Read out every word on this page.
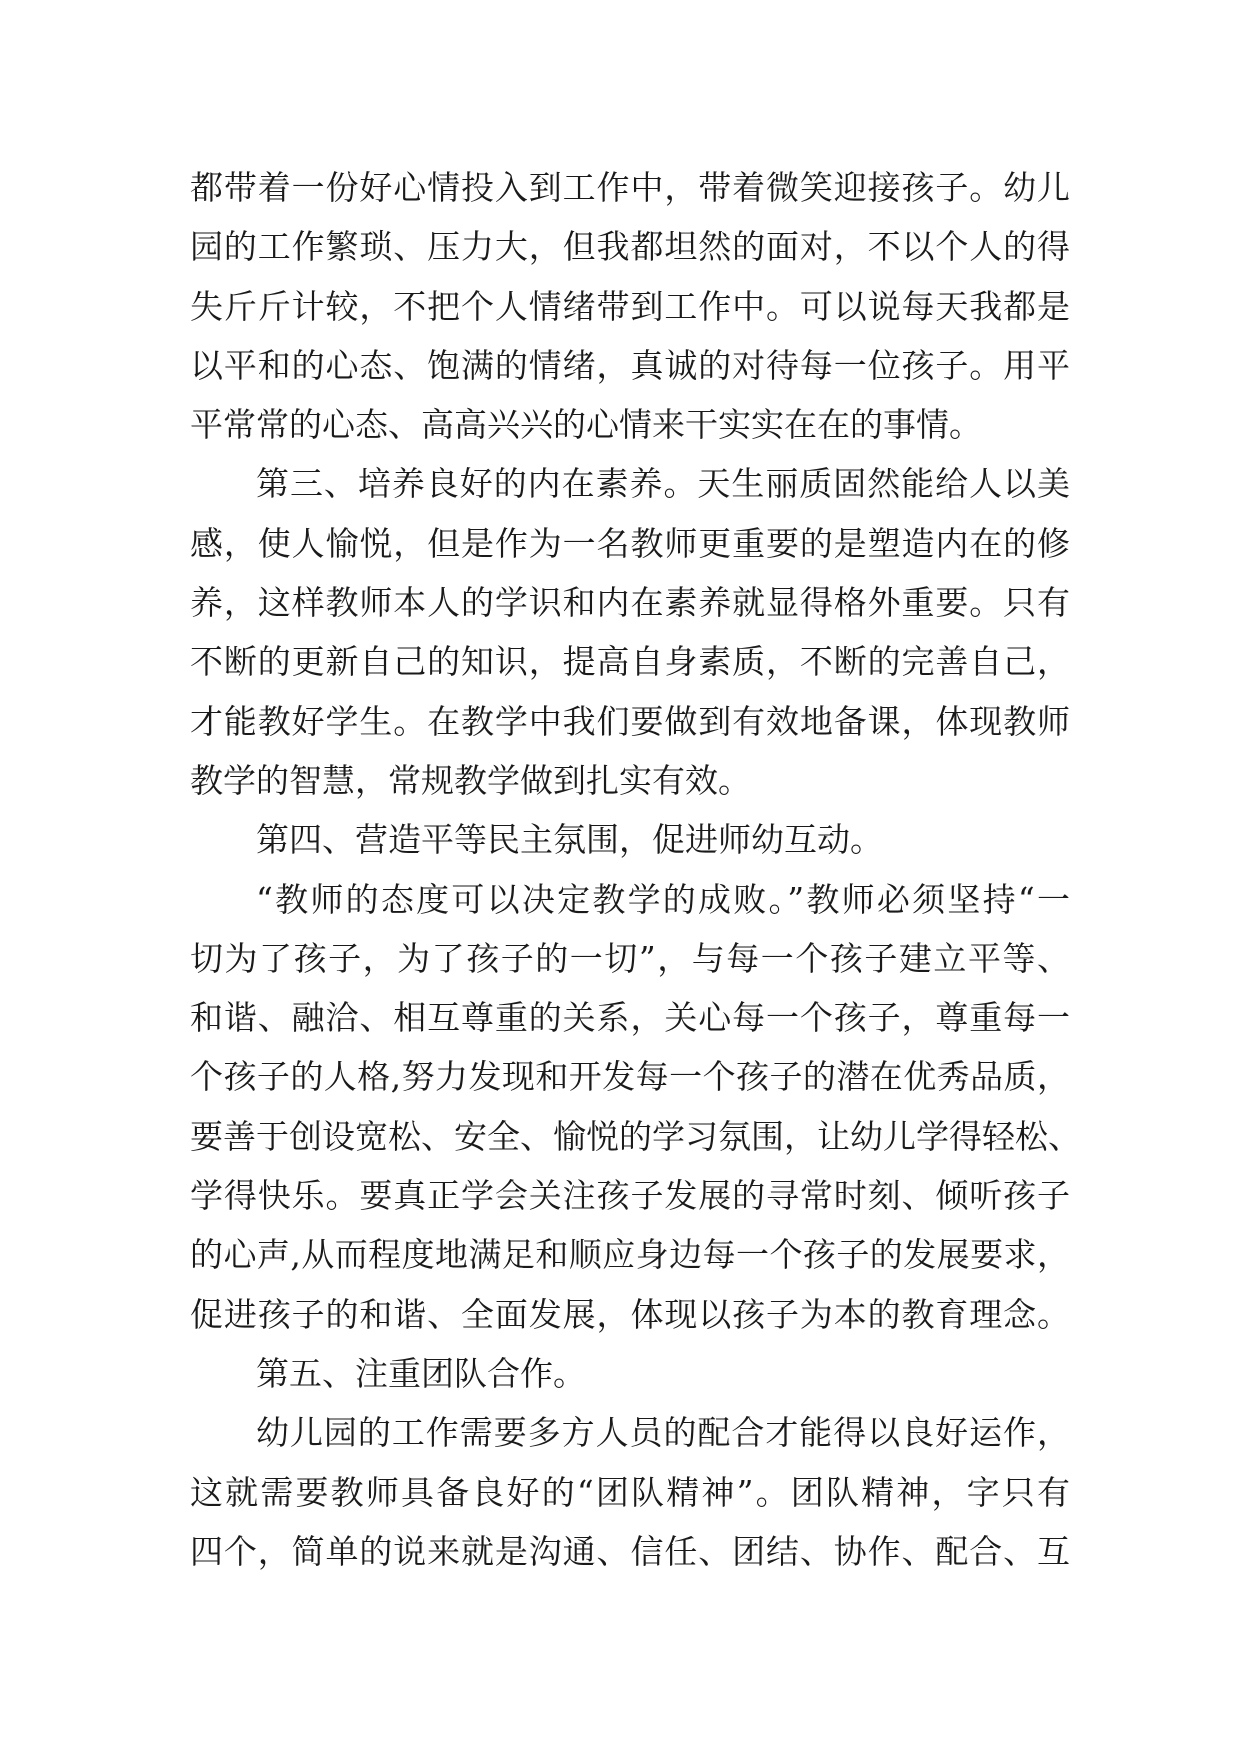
都带着一份好心情投入到工作中，带着微笑迎接孩子。幼儿
园的工作繁琐、压力大，但我都坦然的面对，不以个人的得
失斤斤计较，不把个人情绪带到工作中。可以说每天我都是
以平和的心态、饱满的情绪，真诚的对待每一位孩子。用平
平常常的心态、高高兴兴的心情来干实实在在的事情。
第三、培养良好的内在素养。天生丽质固然能给人以美
感，使人愉悦，但是作为一名教师更重要的是塑造内在的修
养，这样教师本人的学识和内在素养就显得格外重要。只有
不断的更新自己的知识，提高自身素质，不断的完善自己，
才能教好学生。在教学中我们要做到有效地备课，体现教师
教学的智慧，常规教学做到扎实有效。
第四、营造平等民主氛围，促进师幼互动。
“教师的态度可以决定教学的成败。”教师必须坚持“一
切为了孩子，为了孩子的一切”，与每一个孩子建立平等、
和谐、融洽、相互尊重的关系，关心每一个孩子，尊重每一
个孩子的人格,努力发现和开发每一个孩子的潜在优秀品质，
要善于创设宽松、安全、愉悦的学习氛围，让幼儿学得轻松、
学得快乐。要真正学会关注孩子发展的寻常时刻、倾听孩子
的心声,从而程度地满足和顺应身边每一个孩子的发展要求，
促进孩子的和谐、全面发展，体现以孩子为本的教育理念。
第五、注重团队合作。
幼儿园的工作需要多方人员的配合才能得以良好运作，
这就需要教师具备良好的“团队精神”。团队精神，字只有
四个，简单的说来就是沟通、信任、团结、协作、配合、互
